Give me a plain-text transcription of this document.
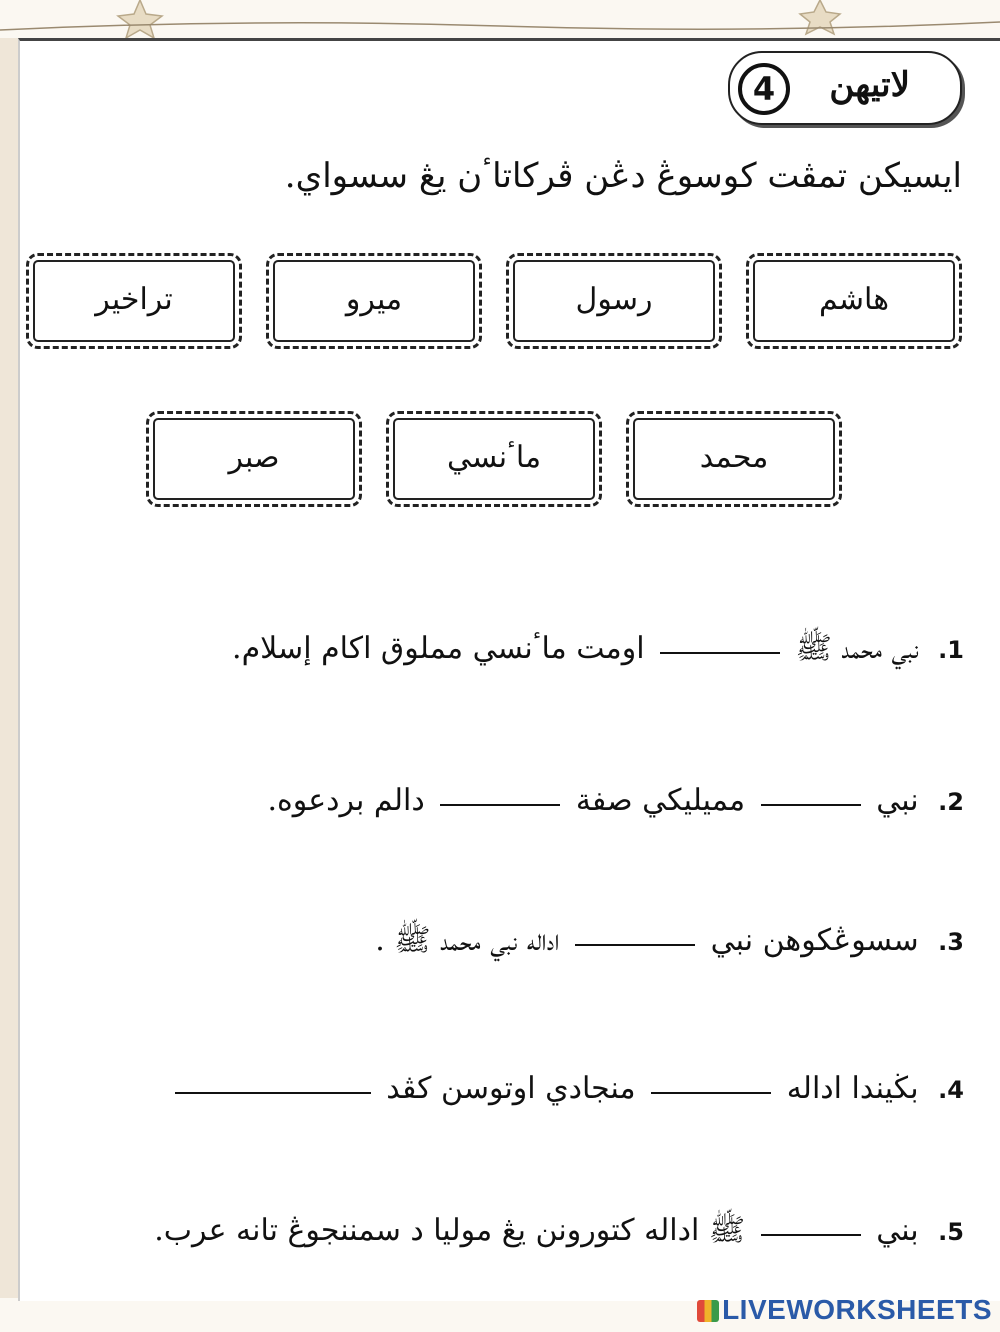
لاتيهن
4
ايسيكن تمڤت كوسوڠ دڠن ڤركاتاٴن يڠ سسواي.
هاشم
رسول
ميرو
تراخير
محمد
ماٴنسي
صبر
1. نبي محمد ﷺ  اومت ماٴنسي مملوق اكام إسلام.
2. نبي  مميليكي صفة  دالم بردعوه.
3. سسوڠكوهن نبي  اداله نبي محمد ﷺ .
4. بڬيندا اداله  منجادي اوتوسن كڤد
5. بني  ﷺ اداله كتورونن يڠ موليا د سمننجوڠ تانه عرب.
LIVEWORKSHEETS
